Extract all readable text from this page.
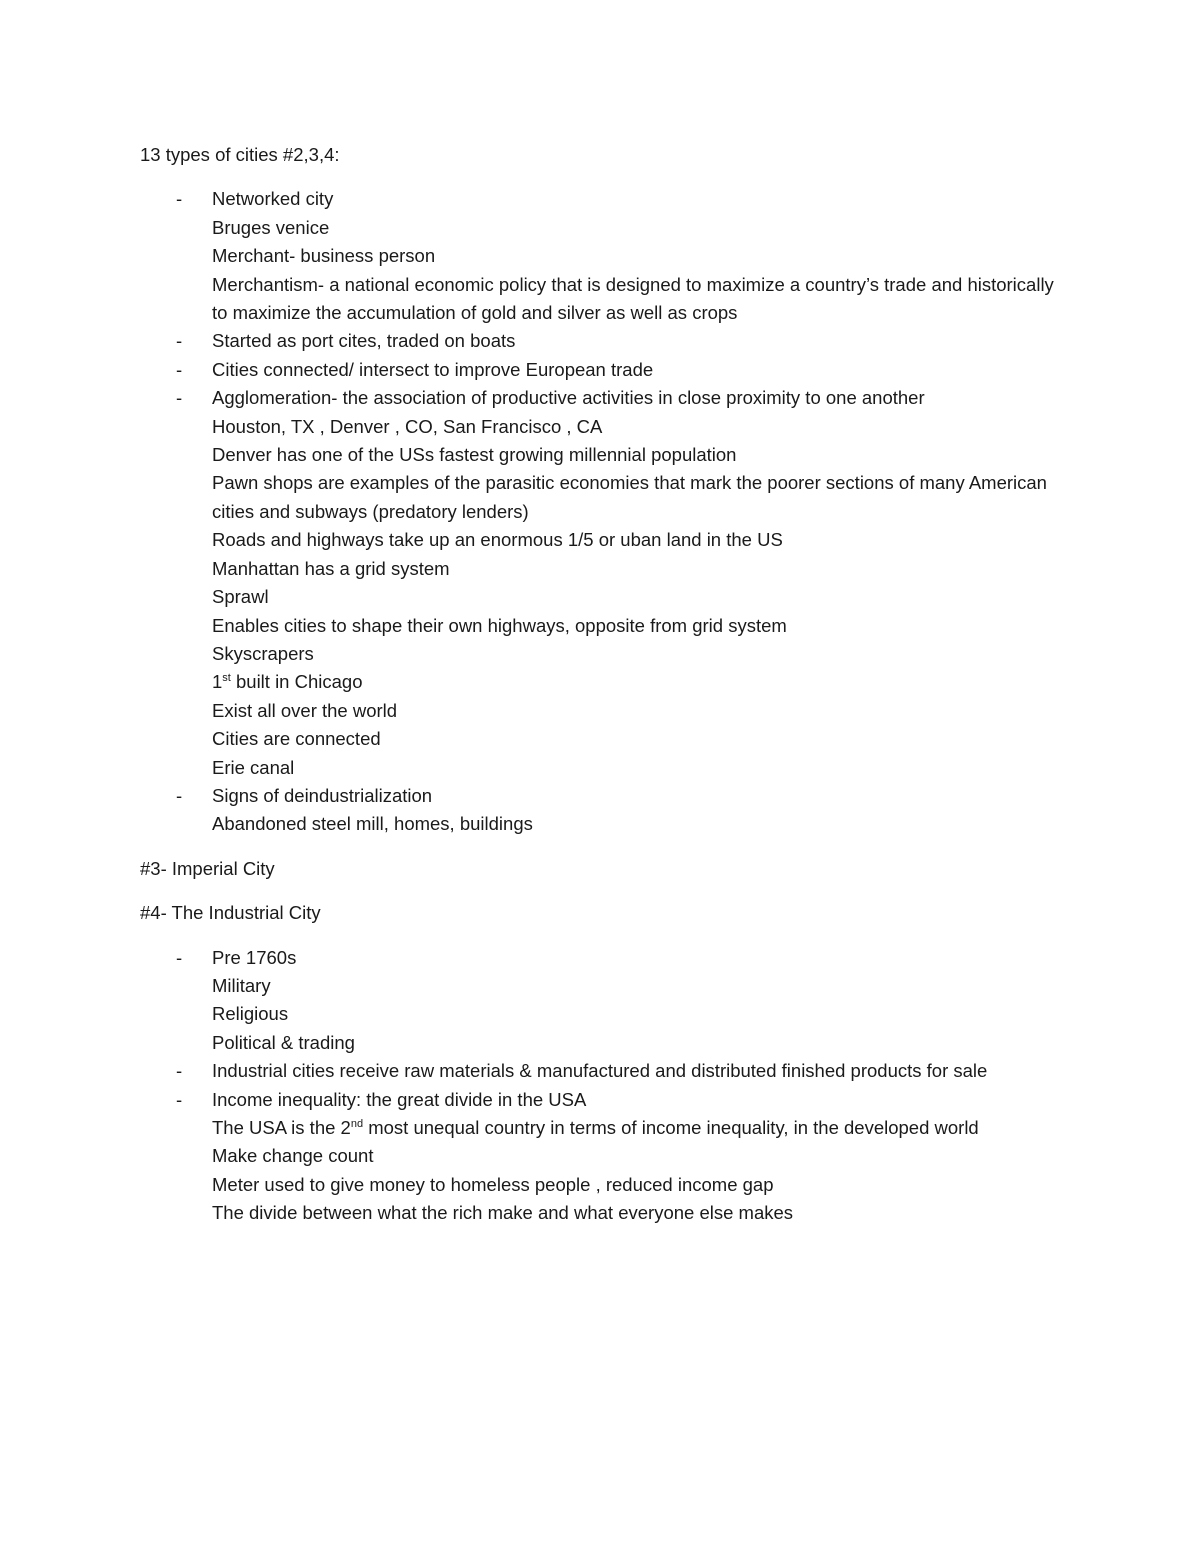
13 types of cities #2,3,4:

- Networked city
Bruges venice
Merchant- business person
Merchantism- a national economic policy that is designed to maximize a country’s trade and historically to maximize the accumulation of gold and silver as well as crops
- Started as port cites, traded on boats
- Cities connected/ intersect to improve European trade
- Agglomeration- the association of productive activities in close proximity to one another
Houston, TX , Denver , CO, San Francisco , CA
Denver has one of the USs fastest growing millennial population
Pawn shops are examples of the parasitic economies that mark the poorer sections of many American cities and subways (predatory lenders)
Roads and highways take up an enormous 1/5 or uban land in the US
Manhattan has a grid system
Sprawl
Enables cities to shape their own highways, opposite from grid system
Skyscrapers
1st built in Chicago
Exist all over the world
Cities are connected
Erie canal
- Signs of deindustrialization
Abandoned steel mill, homes, buildings

#3- Imperial City

#4- The Industrial City

- Pre 1760s
Military
Religious
Political & trading
- Industrial cities receive raw materials & manufactured and distributed finished products for sale
- Income inequality: the great divide in the USA
The USA is the 2nd most unequal country in terms of income inequality, in the developed world
Make change count
Meter used to give money to homeless people , reduced income gap
The divide between what the rich make and what everyone else makes
